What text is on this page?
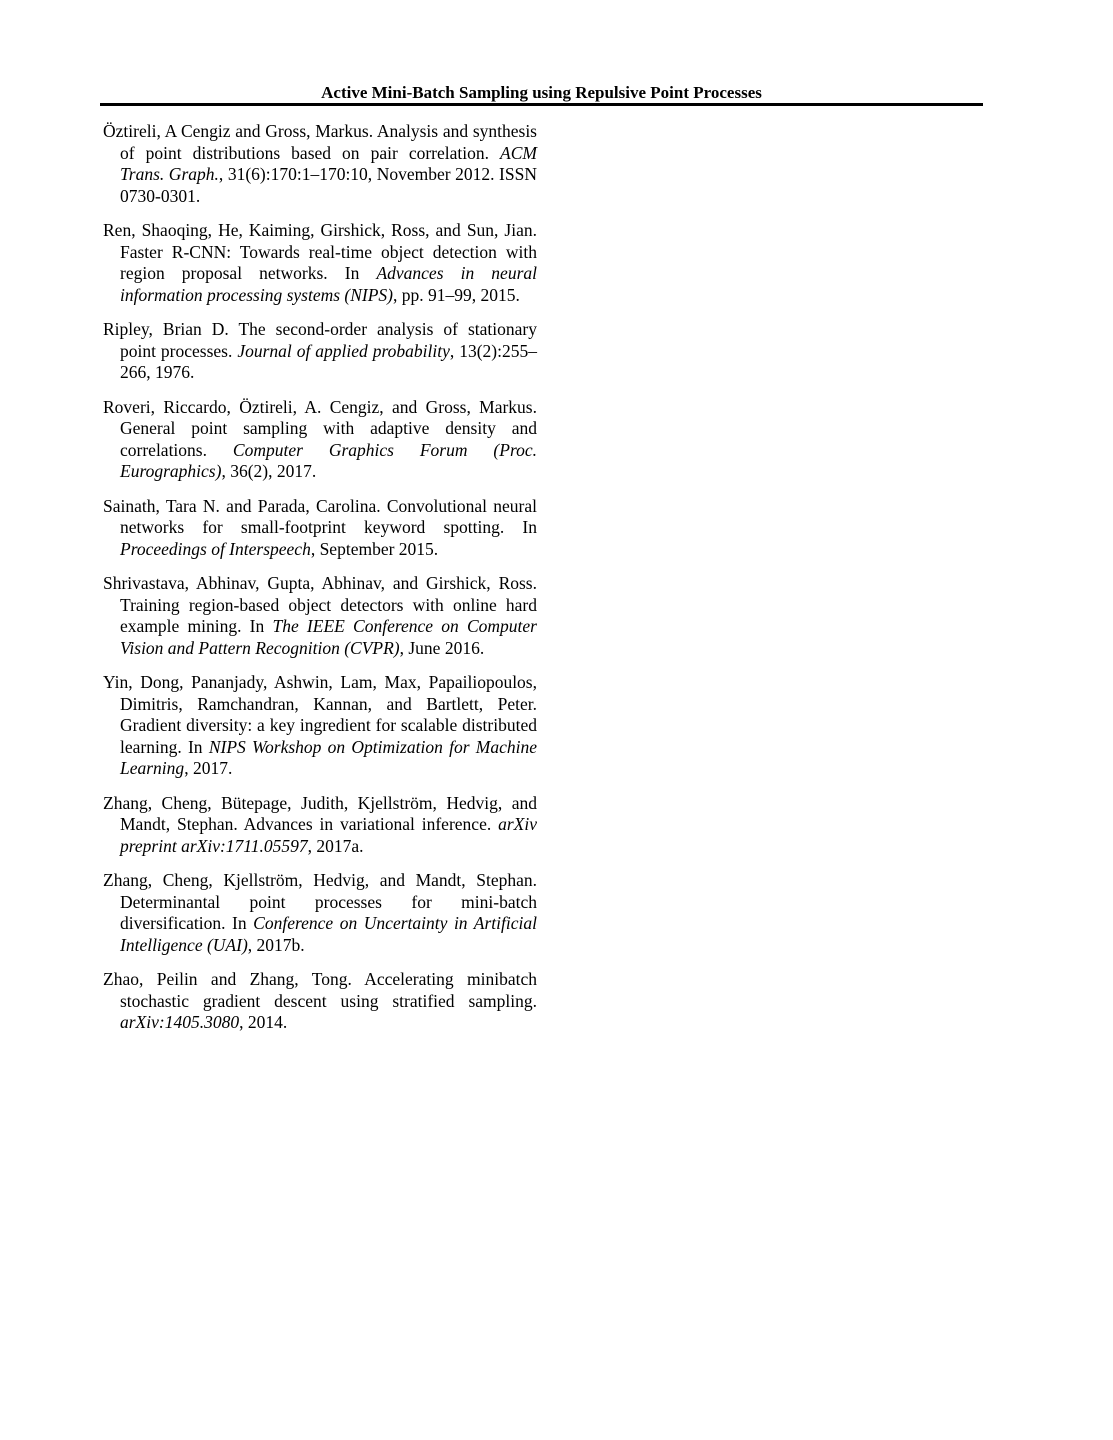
Active Mini-Batch Sampling using Repulsive Point Processes

Öztireli, A Cengiz and Gross, Markus. Analysis and synthesis of point distributions based on pair correlation. ACM Trans. Graph., 31(6):170:1–170:10, November 2012. ISSN 0730-0301.

Ren, Shaoqing, He, Kaiming, Girshick, Ross, and Sun, Jian. Faster R-CNN: Towards real-time object detection with region proposal networks. In Advances in neural information processing systems (NIPS), pp. 91–99, 2015.

Ripley, Brian D. The second-order analysis of stationary point processes. Journal of applied probability, 13(2):255–266, 1976.

Roveri, Riccardo, Öztireli, A. Cengiz, and Gross, Markus. General point sampling with adaptive density and correlations. Computer Graphics Forum (Proc. Eurographics), 36(2), 2017.

Sainath, Tara N. and Parada, Carolina. Convolutional neural networks for small-footprint keyword spotting. In Proceedings of Interspeech, September 2015.

Shrivastava, Abhinav, Gupta, Abhinav, and Girshick, Ross. Training region-based object detectors with online hard example mining. In The IEEE Conference on Computer Vision and Pattern Recognition (CVPR), June 2016.

Yin, Dong, Pananjady, Ashwin, Lam, Max, Papailiopoulos, Dimitris, Ramchandran, Kannan, and Bartlett, Peter. Gradient diversity: a key ingredient for scalable distributed learning. In NIPS Workshop on Optimization for Machine Learning, 2017.

Zhang, Cheng, Bütepage, Judith, Kjellström, Hedvig, and Mandt, Stephan. Advances in variational inference. arXiv preprint arXiv:1711.05597, 2017a.

Zhang, Cheng, Kjellström, Hedvig, and Mandt, Stephan. Determinantal point processes for mini-batch diversification. In Conference on Uncertainty in Artificial Intelligence (UAI), 2017b.

Zhao, Peilin and Zhang, Tong. Accelerating minibatch stochastic gradient descent using stratified sampling. arXiv:1405.3080, 2014.
